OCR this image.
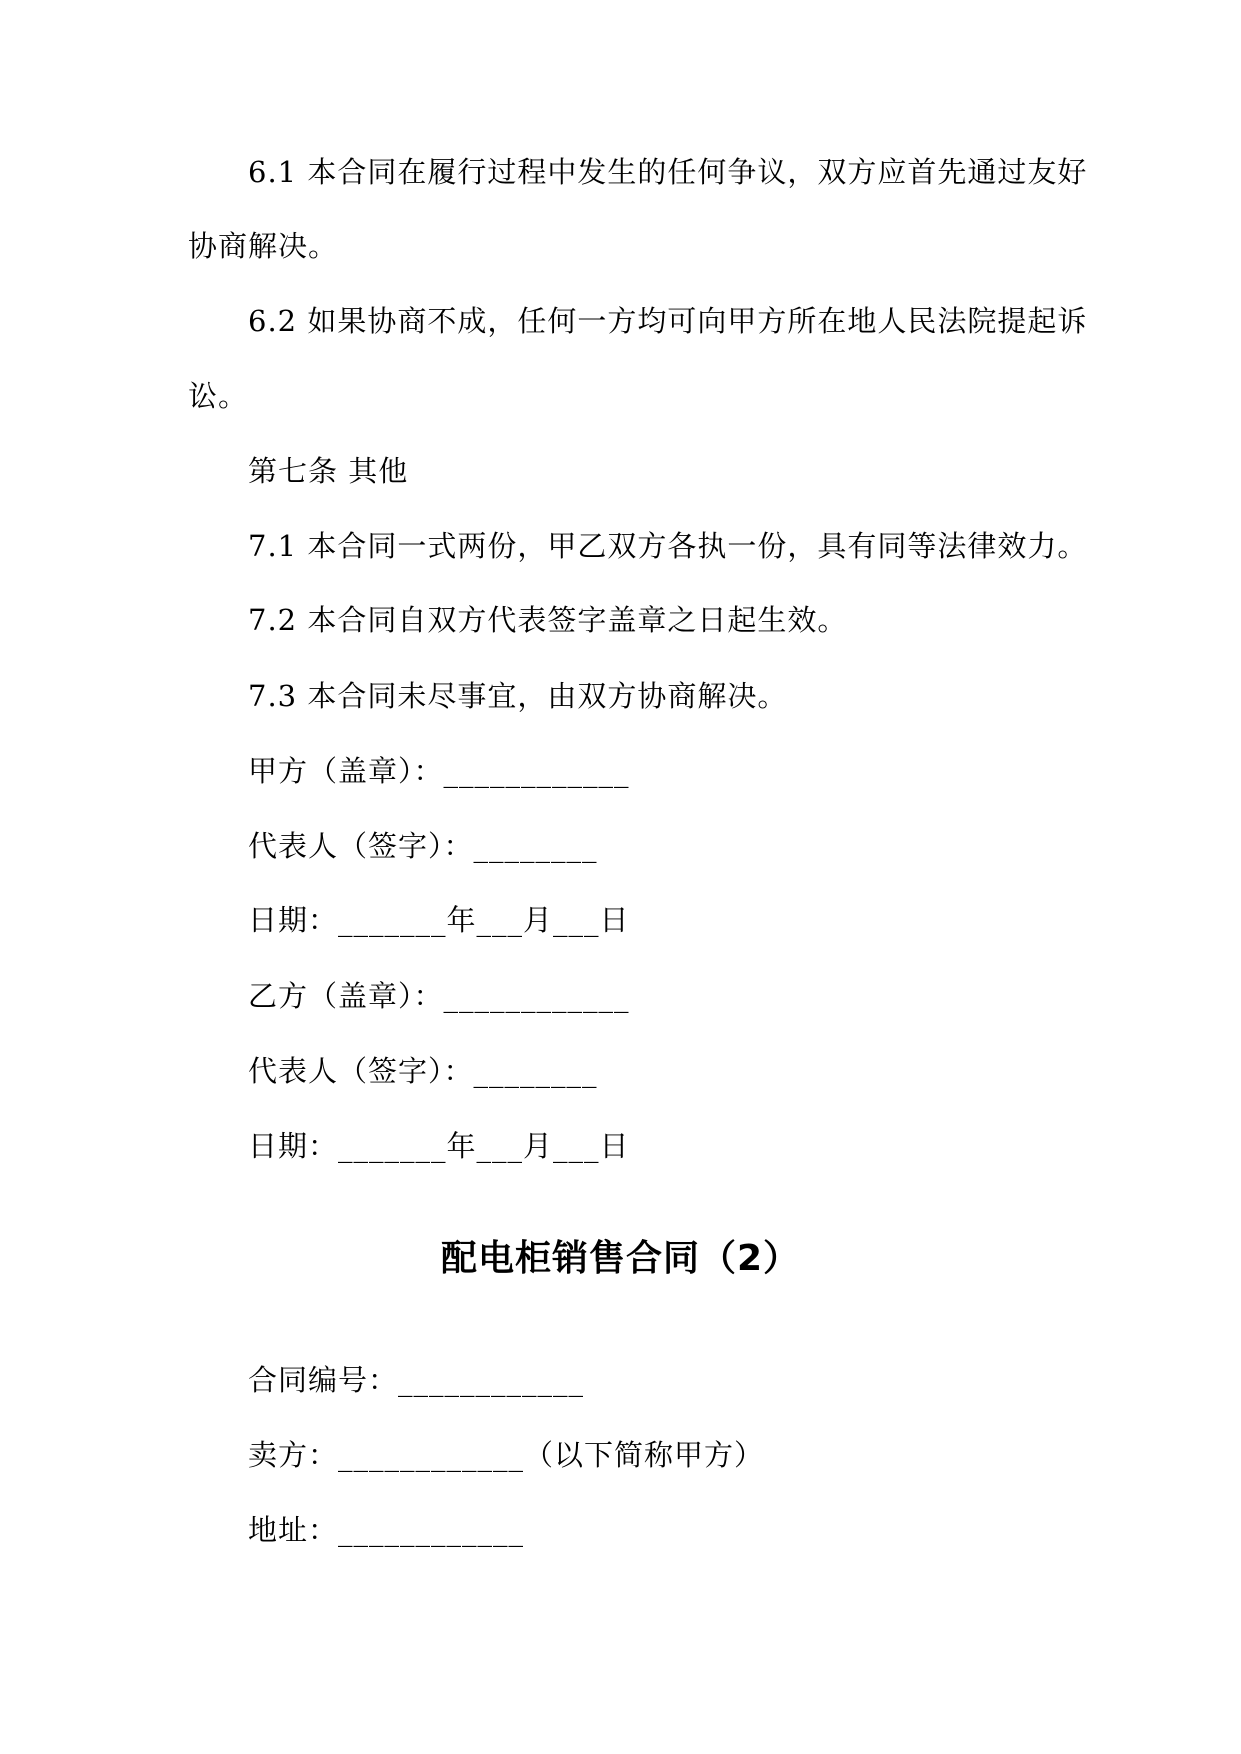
6.1 本合同在履行过程中发生的任何争议，双方应首先通过友好
协商解决。
6.2 如果协商不成，任何一方均可向甲方所在地人民法院提起诉
讼。
第七条 其他
7.1 本合同一式两份，甲乙双方各执一份，具有同等法律效力。
7.2 本合同自双方代表签字盖章之日起生效。
7.3 本合同未尽事宜，由双方协商解决。
甲方（盖章）：____________
代表人（签字）：________
日期：_______年___月___日
乙方（盖章）：____________
代表人（签字）：________
日期：_______年___月___日
配电柜销售合同（2）
合同编号：____________
卖方：____________（以下简称甲方）
地址：____________
